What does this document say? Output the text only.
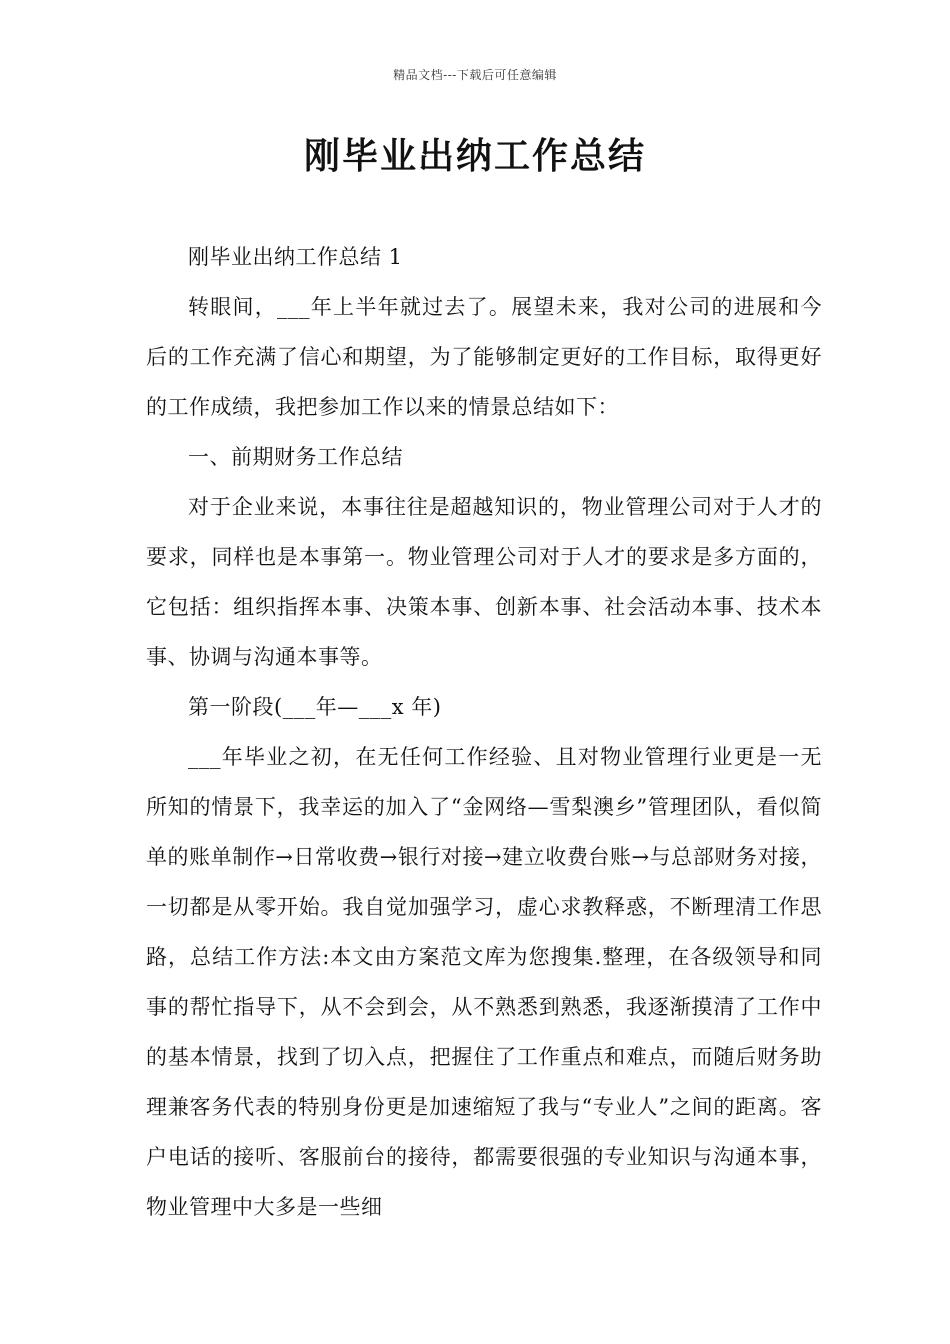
精品文档---下载后可任意编辑
刚毕业出纳工作总结

刚毕业出纳工作总结 1

转眼间，___年上半年就过去了。展望未来，我对公司的进展和今后的工作充满了信心和期望，为了能够制定更好的工作目标，取得更好的工作成绩，我把参加工作以来的情景总结如下：

一、前期财务工作总结

对于企业来说，本事往往是超越知识的，物业管理公司对于人才的要求，同样也是本事第一。物业管理公司对于人才的要求是多方面的，它包括：组织指挥本事、决策本事、创新本事、社会活动本事、技术本事、协调与沟通本事等。

第一阶段(___年—___x 年)

___年毕业之初，在无任何工作经验、且对物业管理行业更是一无所知的情景下，我幸运的加入了“金网络—雪梨澳乡”管理团队，看似简单的账单制作→日常收费→银行对接→建立收费台账→与总部财务对接，一切都是从零开始。我自觉加强学习，虚心求教释惑，不断理清工作思路，总结工作方法:本文由方案范文库为您搜集.整理，在各级领导和同事的帮忙指导下，从不会到会，从不熟悉到熟悉，我逐渐摸清了工作中的基本情景，找到了切入点，把握住了工作重点和难点，而随后财务助理兼客务代表的特别身份更是加速缩短了我与“专业人”之间的距离。客户电话的接听、客服前台的接待，都需要很强的专业知识与沟通本事，物业管理中大多是一些细
